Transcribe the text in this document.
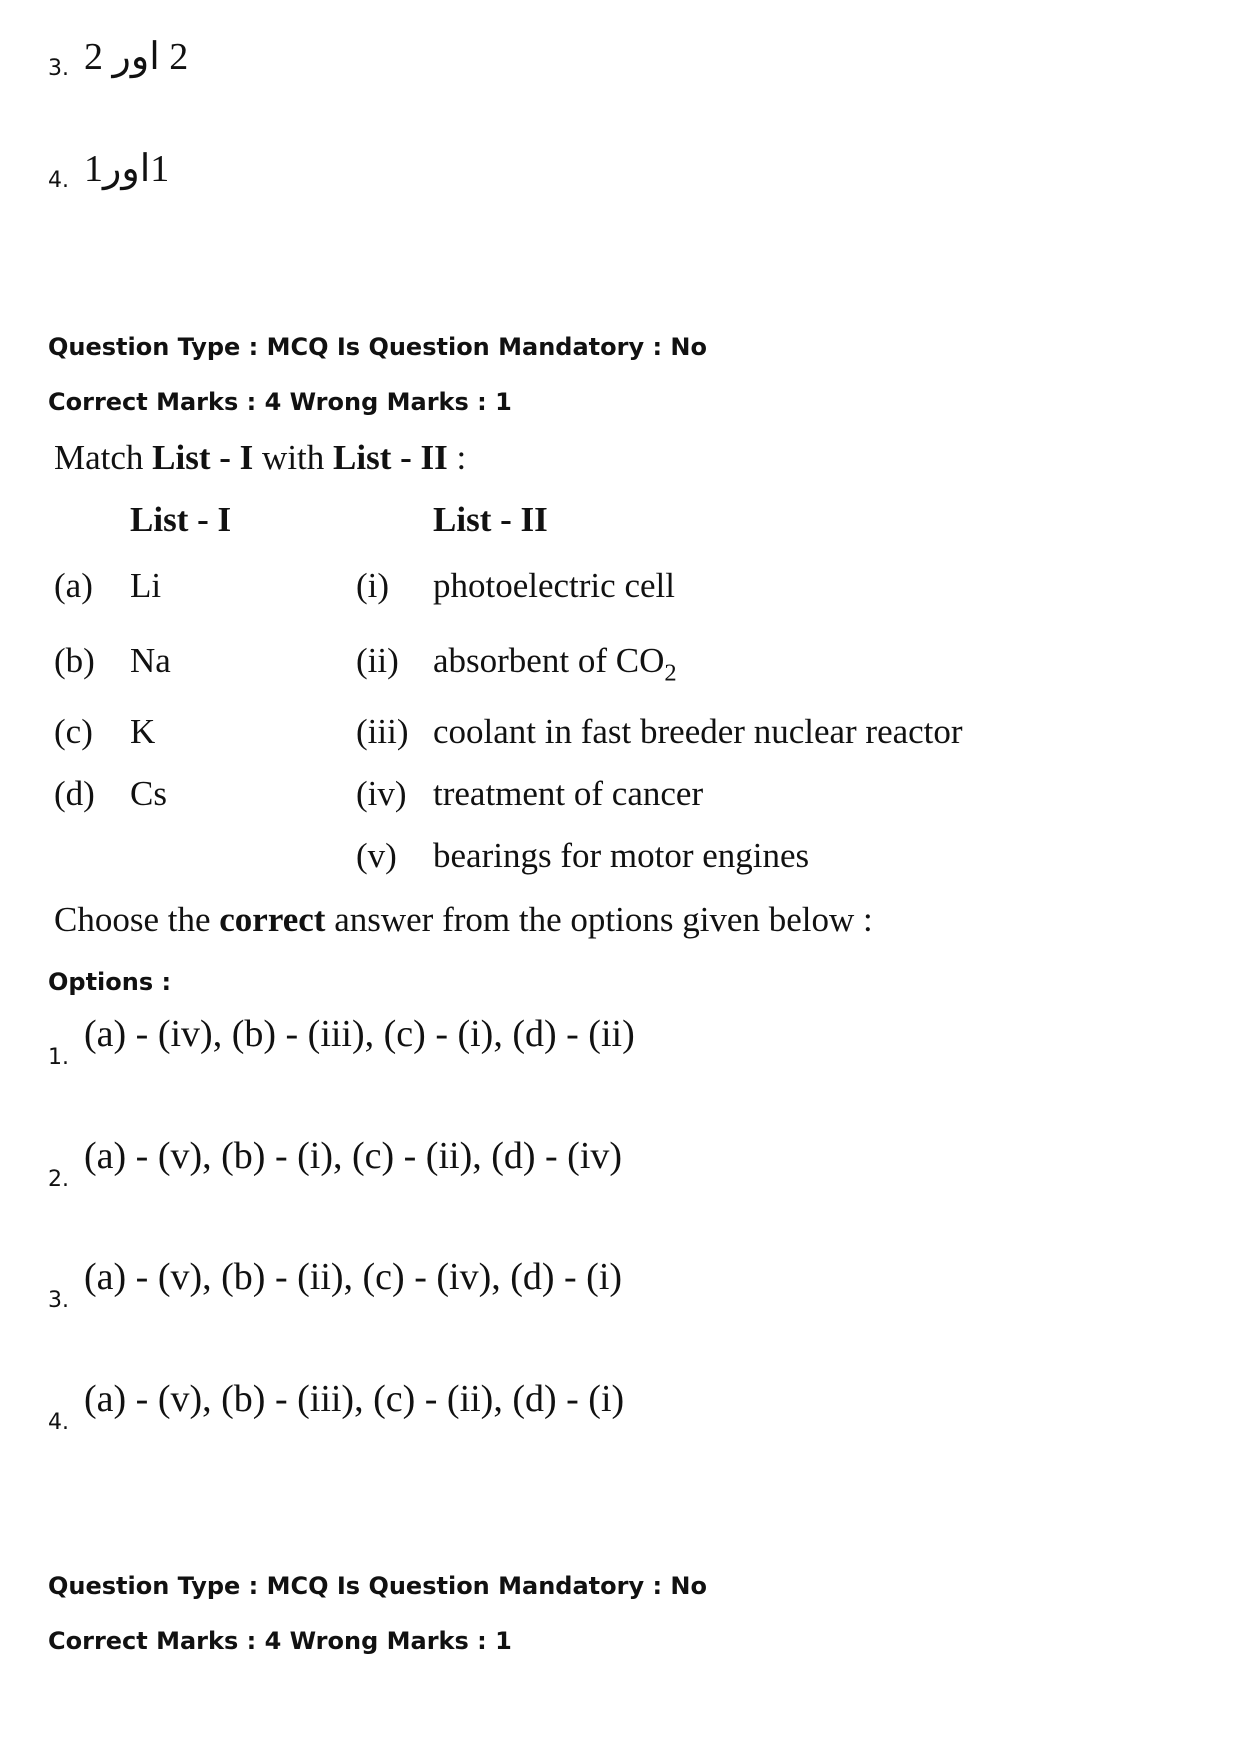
3. 2 اور 2
4. 1اور1
Question Type : MCQ Is Question Mandatory : No
Correct Marks : 4 Wrong Marks : 1
Match List - I with List - II :
List - I	List - II
(a) Li
(b) Na
(c) K
(d) Cs
(i) photoelectric cell
(ii) absorbent of $CO_2$
(iii) coolant in fast breeder nuclear reactor
(iv) treatment of cancer
(v) bearings for motor engines
Choose the correct answer from the options given below :
Options :
1.
(a) - (iv), (b) - (iii), (c) - (i), (d) - (ii)
2.
(a) - (v), (b) - (i), (c) - (ii), (d) - (iv)
3.
(a) - (v), (b) - (ii), (c) - (iv), (d) - (i)
4.
(a) - (v), (b) - (iii), (c) - (ii), (d) - (i)
Question Type : MCQ Is Question Mandatory : No
Correct Marks : 4 Wrong Marks : 1
